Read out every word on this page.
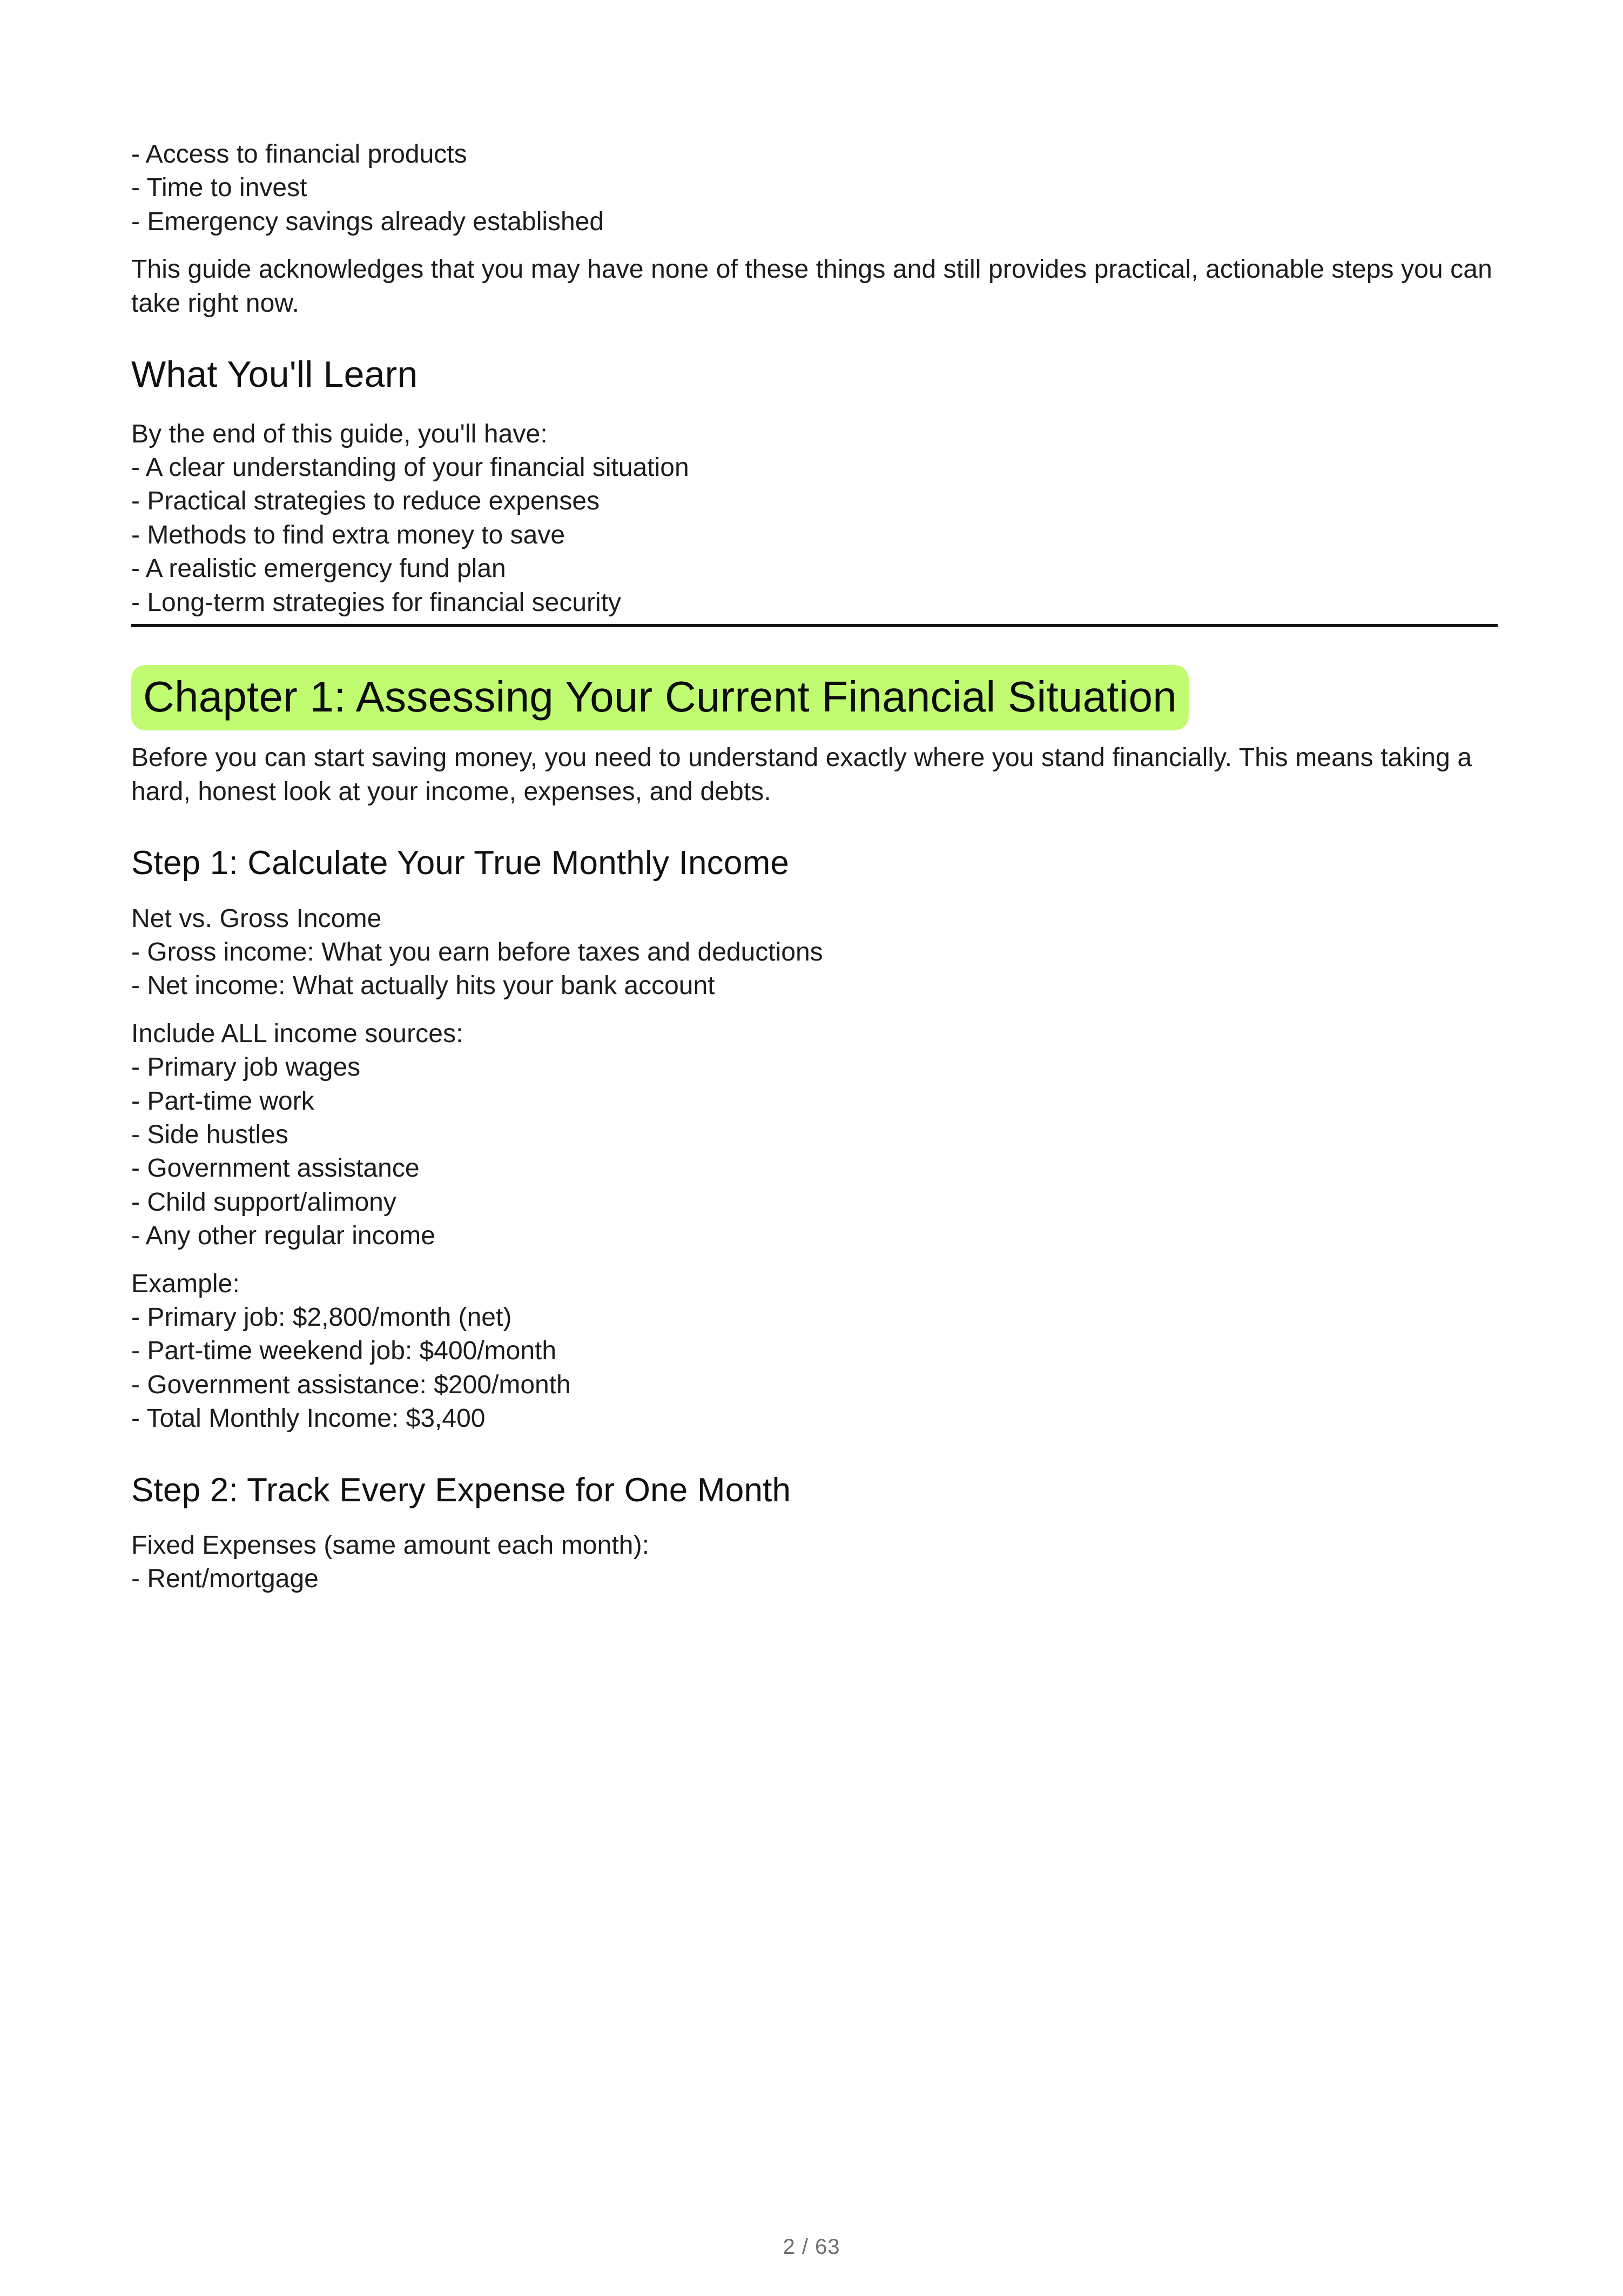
- Access to financial products
- Time to invest
- Emergency savings already established

This guide acknowledges that you may have none of these things and still provides practical, actionable steps you can take right now.

What You'll Learn

By the end of this guide, you'll have:

- A clear understanding of your financial situation
- Practical strategies to reduce expenses
- Methods to find extra money to save
- A realistic emergency fund plan
- Long-term strategies for financial security
Chapter 1: Assessing Your Current Financial Situation

Before you can start saving money, you need to understand exactly where you stand financially. This means taking a hard, honest look at your income, expenses, and debts.

Step 1: Calculate Your True Monthly Income

Net vs. Gross Income

- Gross income: What you earn before taxes and deductions
- Net income: What actually hits your bank account

Include ALL income sources:

- Primary job wages
- Part-time work
- Side hustles
- Government assistance
- Child support/alimony
- Any other regular income

Example:

- Primary job: $2,800/month (net)
- Part-time weekend job: $400/month
- Government assistance: $200/month
- Total Monthly Income: $3,400
Step 2: Track Every Expense for One Month

Fixed Expenses (same amount each month):

- Rent/mortgage
2 / 63
